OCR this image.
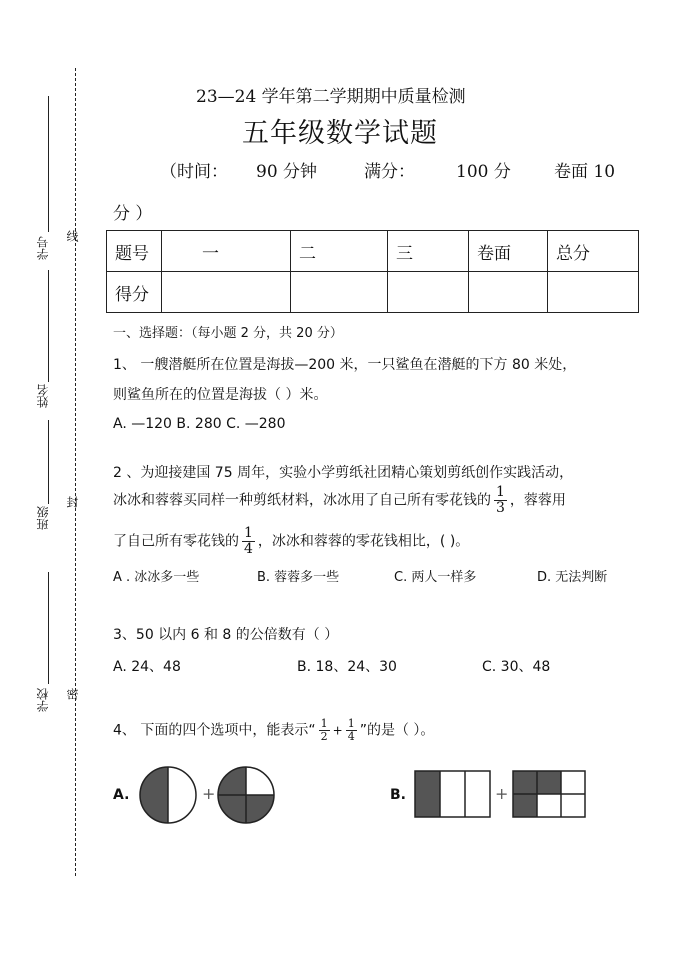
学号
姓名
班级
学校
线
封
密
23—24 学年第二学期期中质量检测
五年级数学试题
（时间： 90 分钟	满分： 100 分	卷面 10
分 ）
题号	一	二	三	卷面	总分
得分					
一、选择题：（每小题 2 分，共 20 分）
1、 一艘潜艇所在位置是海拔—200 米，一只鲨鱼在潜艇的下方 80 米处，
则鲨鱼所在的位置是海拔（ ）米。
A. —120 B. 280 C. —280
2 、为迎接建国 75 周年，实验小学剪纸社团精心策划剪纸创作实践活动，
冰冰和蓉蓉买同样一种剪纸材料，冰冰用了自己所有零花钱的 $\frac{1}{3}$ ，蓉蓉用
了自己所有零花钱的 $\frac{1}{4}$ ，冰冰和蓉蓉的零花钱相比，( )。
A . 冰冰多一些	B. 蓉蓉多一些	C. 两人一样多	D. 无法判断
3、50 以内 6 和 8 的公倍数有（ ）
A. 24、48	B. 18、24、30	C. 30、48
4、 下面的四个选项中，能表示“ $\frac{1}{2} + \frac{1}{4}$ ”的是（ ）。
A.	+	B.	+
